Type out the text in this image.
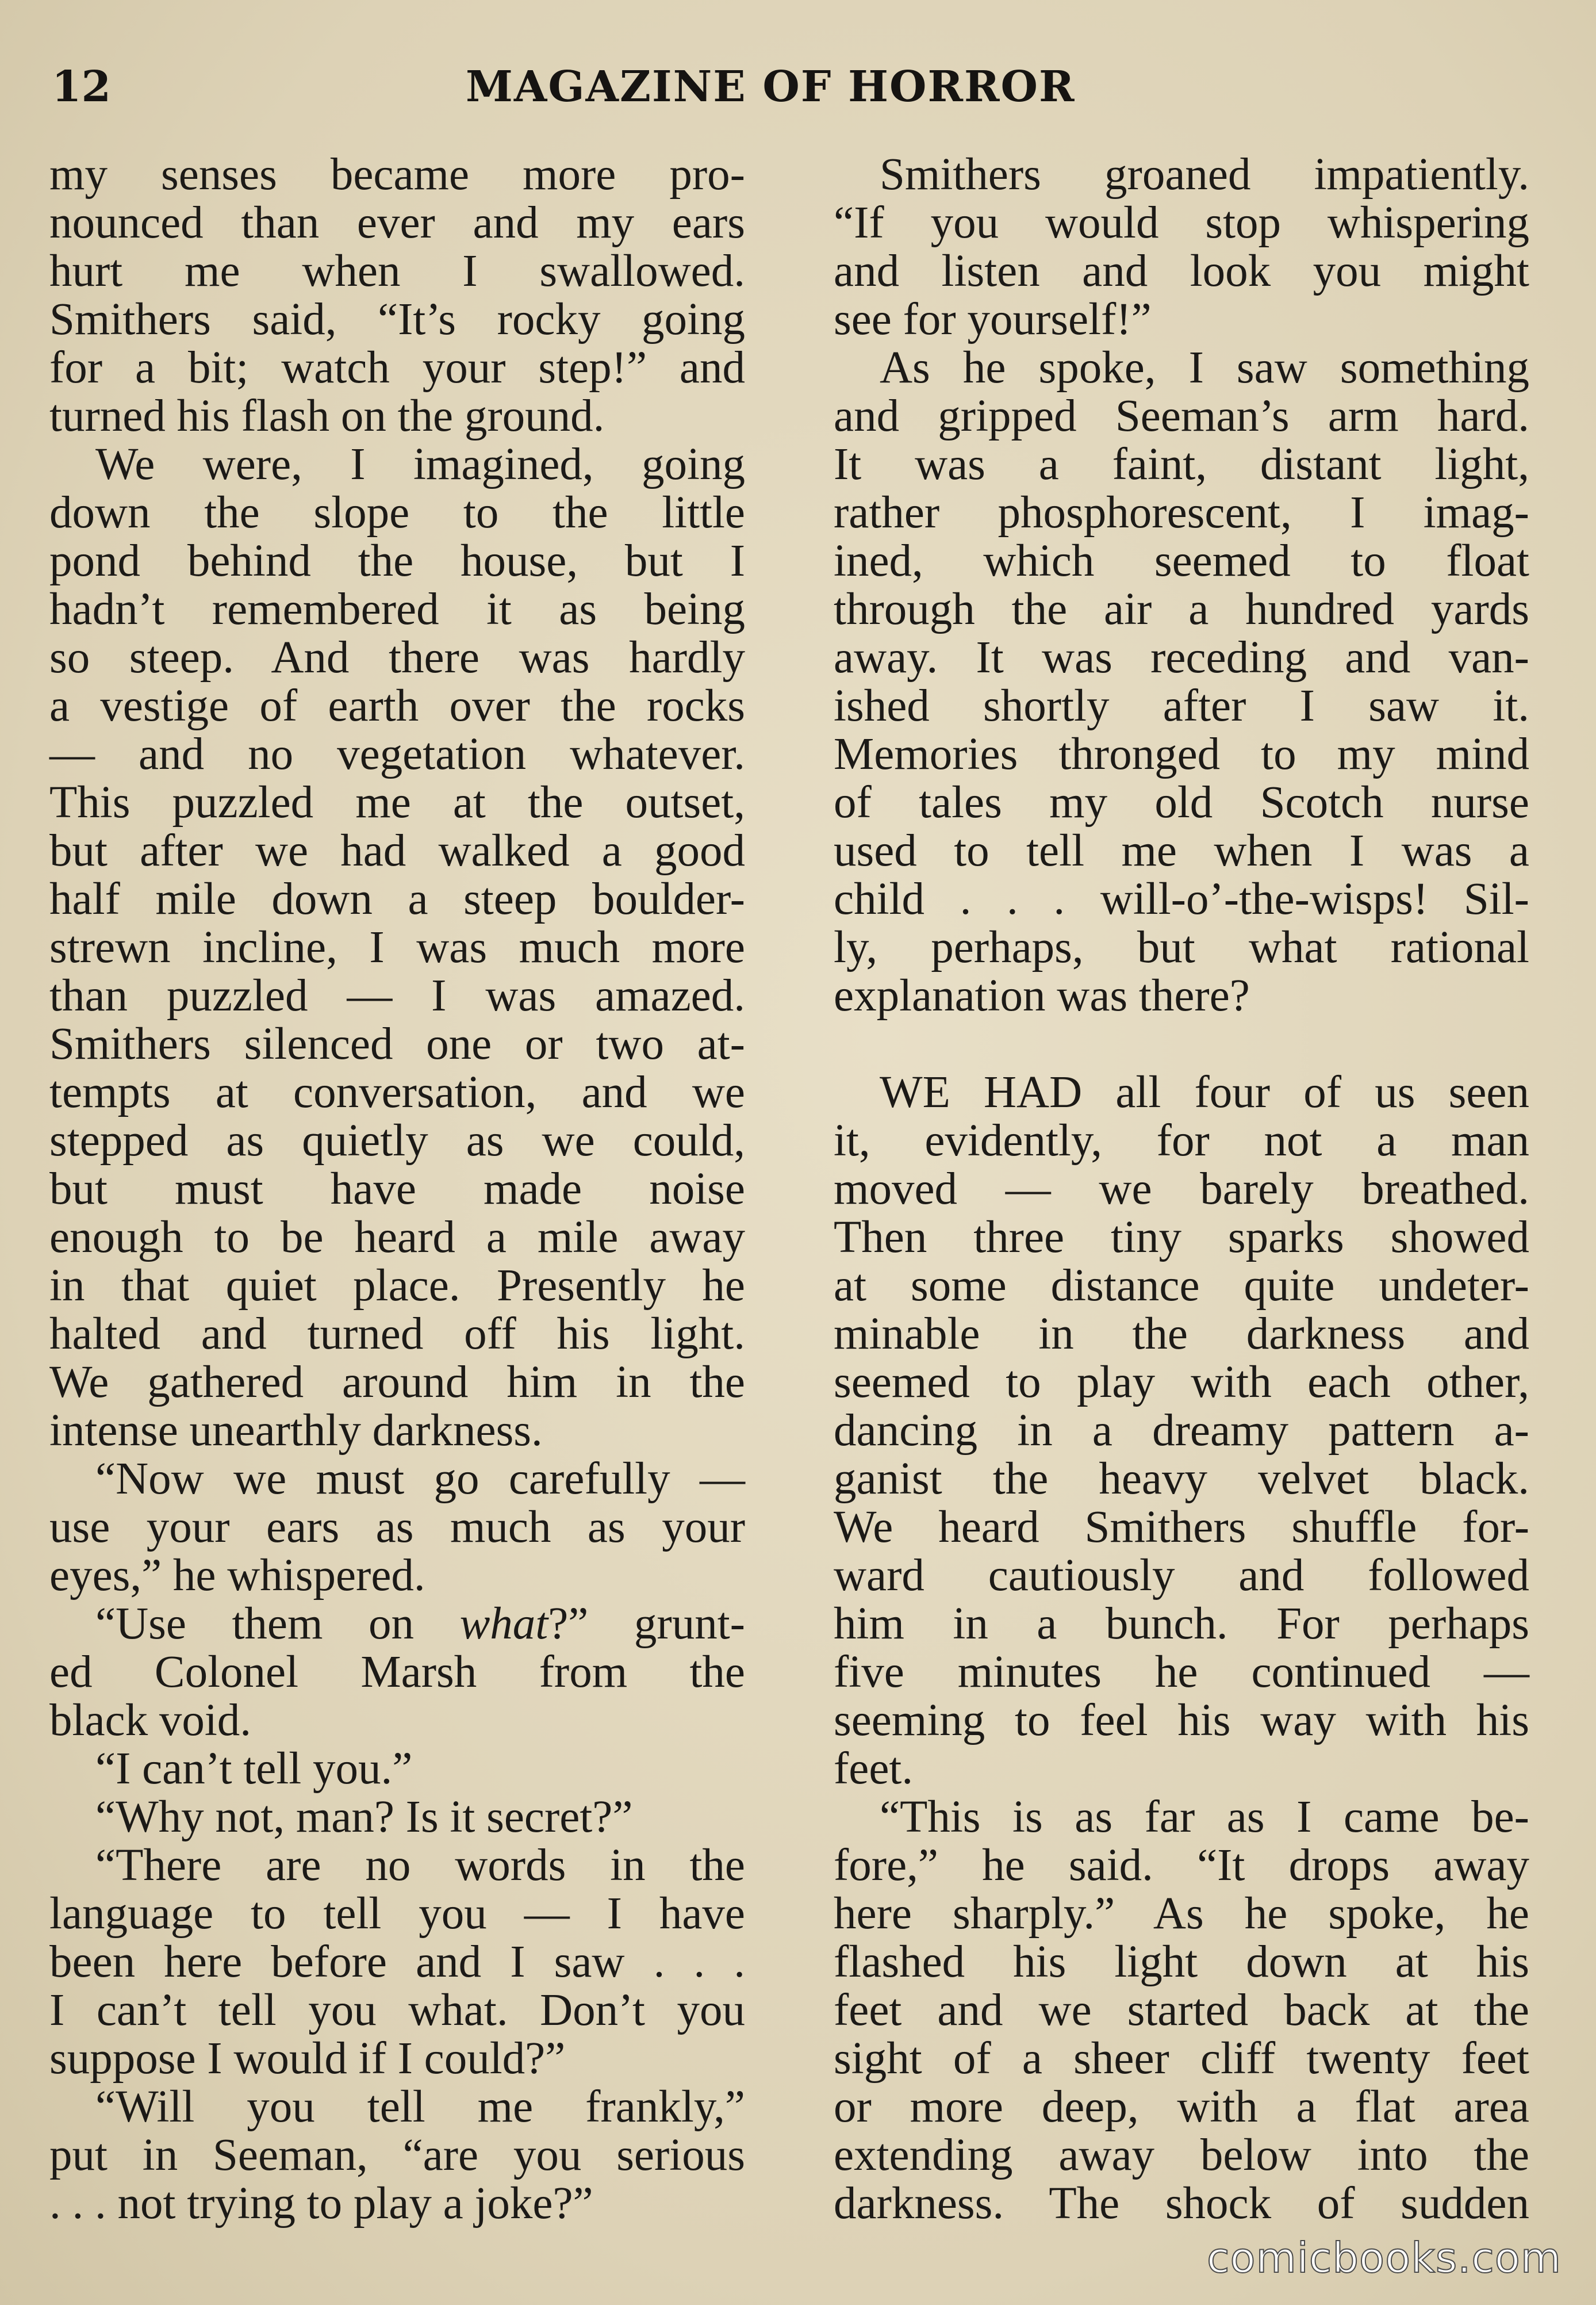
12	MAGAZINE OF HORROR
my senses became more pro-
nounced than ever and my ears
hurt me when I swallowed.
Smithers said, “It’s rocky going
for a bit; watch your step!” and
turned his flash on the ground.
We were, I imagined, going
down the slope to the little
pond behind the house, but I
hadn’t remembered it as being
so steep. And there was hardly
a vestige of earth over the rocks
— and no vegetation whatever.
This puzzled me at the outset,
but after we had walked a good
half mile down a steep boulder-
strewn incline, I was much more
than puzzled — I was amazed.
Smithers silenced one or two at-
tempts at conversation, and we
stepped as quietly as we could,
but must have made noise
enough to be heard a mile away
in that quiet place. Presently he
halted and turned off his light.
We gathered around him in the
intense unearthly darkness.
“Now we must go carefully —
use your ears as much as your
eyes,” he whispered.
“Use them on what?” grunt-
ed Colonel Marsh from the
black void.
“I can’t tell you.”
“Why not, man? Is it secret?”
“There are no words in the
language to tell you — I have
been here before and I saw . . .
I can’t tell you what. Don’t you
suppose I would if I could?”
“Will you tell me frankly,”
put in Seeman, “are you serious
. . . not trying to play a joke?”
Smithers groaned impatiently.
“If you would stop whispering
and listen and look you might
see for yourself!”
As he spoke, I saw something
and gripped Seeman’s arm hard.
It was a faint, distant light,
rather phosphorescent, I imag-
ined, which seemed to float
through the air a hundred yards
away. It was receding and van-
ished shortly after I saw it.
Memories thronged to my mind
of tales my old Scotch nurse
used to tell me when I was a
child . . . will-o’-the-wisps! Sil-
ly, perhaps, but what rational
explanation was there?
WE HAD all four of us seen
it, evidently, for not a man
moved — we barely breathed.
Then three tiny sparks showed
at some distance quite undeter-
minable in the darkness and
seemed to play with each other,
dancing in a dreamy pattern a-
ganist the heavy velvet black.
We heard Smithers shuffle for-
ward cautiously and followed
him in a bunch. For perhaps
five minutes he continued —
seeming to feel his way with his
feet.
“This is as far as I came be-
fore,” he said. “It drops away
here sharply.” As he spoke, he
flashed his light down at his
feet and we started back at the
sight of a sheer cliff twenty feet
or more deep, with a flat area
extending away below into the
darkness. The shock of sudden
comicbooks.com
